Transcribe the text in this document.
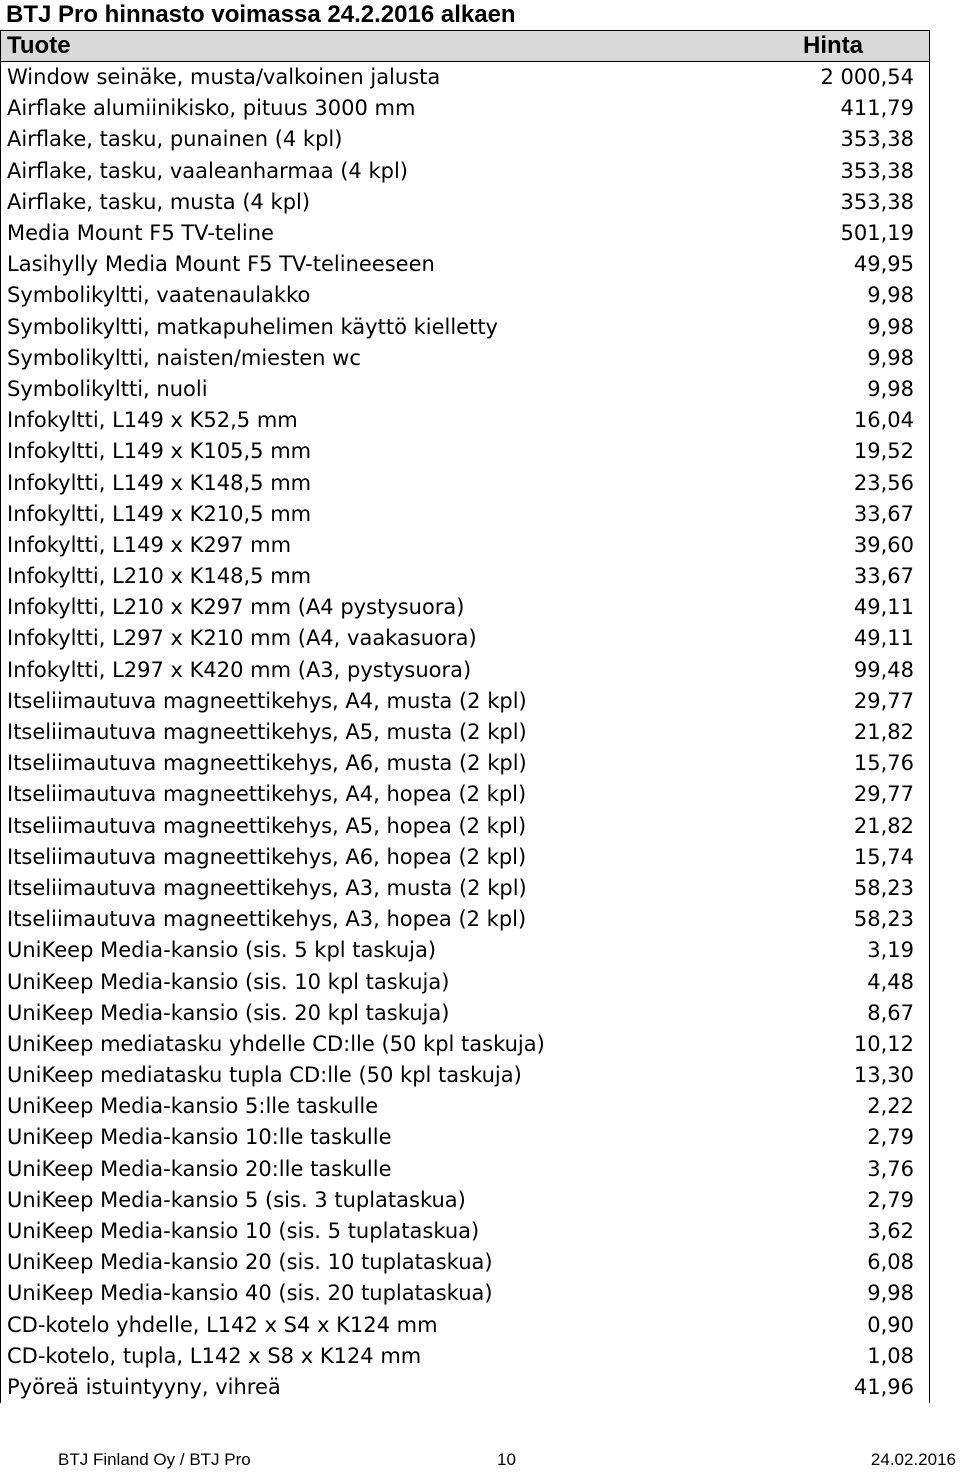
BTJ Pro hinnasto voimassa 24.2.2016 alkaen
Tuote	Hinta
Window seinäke, musta/valkoinen jalusta	2 000,54
Airflake alumiinikisko, pituus 3000 mm	411,79
Airflake, tasku, punainen (4 kpl)	353,38
Airflake, tasku, vaaleanharmaa (4 kpl)	353,38
Airflake, tasku, musta (4 kpl)	353,38
Media Mount F5 TV-teline	501,19
Lasihylly Media Mount F5 TV-telineeseen	49,95
Symbolikyltti, vaatenaulakko	9,98
Symbolikyltti, matkapuhelimen käyttö kielletty	9,98
Symbolikyltti, naisten/miesten wc	9,98
Symbolikyltti, nuoli	9,98
Infokyltti, L149 x K52,5 mm	16,04
Infokyltti, L149 x K105,5 mm	19,52
Infokyltti, L149 x K148,5 mm	23,56
Infokyltti, L149 x K210,5 mm	33,67
Infokyltti, L149 x K297 mm	39,60
Infokyltti, L210 x K148,5 mm	33,67
Infokyltti, L210 x K297 mm (A4 pystysuora)	49,11
Infokyltti, L297 x K210 mm (A4, vaakasuora)	49,11
Infokyltti, L297 x K420 mm (A3, pystysuora)	99,48
Itseliimautuva magneettikehys, A4, musta (2 kpl)	29,77
Itseliimautuva magneettikehys, A5, musta (2 kpl)	21,82
Itseliimautuva magneettikehys, A6, musta (2 kpl)	15,76
Itseliimautuva magneettikehys, A4, hopea (2 kpl)	29,77
Itseliimautuva magneettikehys, A5, hopea (2 kpl)	21,82
Itseliimautuva magneettikehys, A6, hopea (2 kpl)	15,74
Itseliimautuva magneettikehys, A3, musta (2 kpl)	58,23
Itseliimautuva magneettikehys, A3, hopea (2 kpl)	58,23
UniKeep Media-kansio (sis. 5 kpl taskuja)	3,19
UniKeep Media-kansio (sis. 10 kpl taskuja)	4,48
UniKeep Media-kansio (sis. 20 kpl taskuja)	8,67
UniKeep mediatasku yhdelle CD:lle (50 kpl taskuja)	10,12
UniKeep mediatasku tupla CD:lle (50 kpl taskuja)	13,30
UniKeep Media-kansio 5:lle taskulle	2,22
UniKeep Media-kansio 10:lle taskulle	2,79
UniKeep Media-kansio 20:lle taskulle	3,76
UniKeep Media-kansio 5 (sis. 3 tuplataskua)	2,79
UniKeep Media-kansio 10 (sis. 5 tuplataskua)	3,62
UniKeep Media-kansio 20 (sis. 10 tuplataskua)	6,08
UniKeep Media-kansio 40 (sis. 20 tuplataskua)	9,98
CD-kotelo yhdelle, L142 x S4 x K124 mm	0,90
CD-kotelo, tupla, L142 x S8 x K124 mm	1,08
Pyöreä istuintyyny, vihreä	41,96
BTJ Finland Oy / BTJ Pro	10	24.02.2016
